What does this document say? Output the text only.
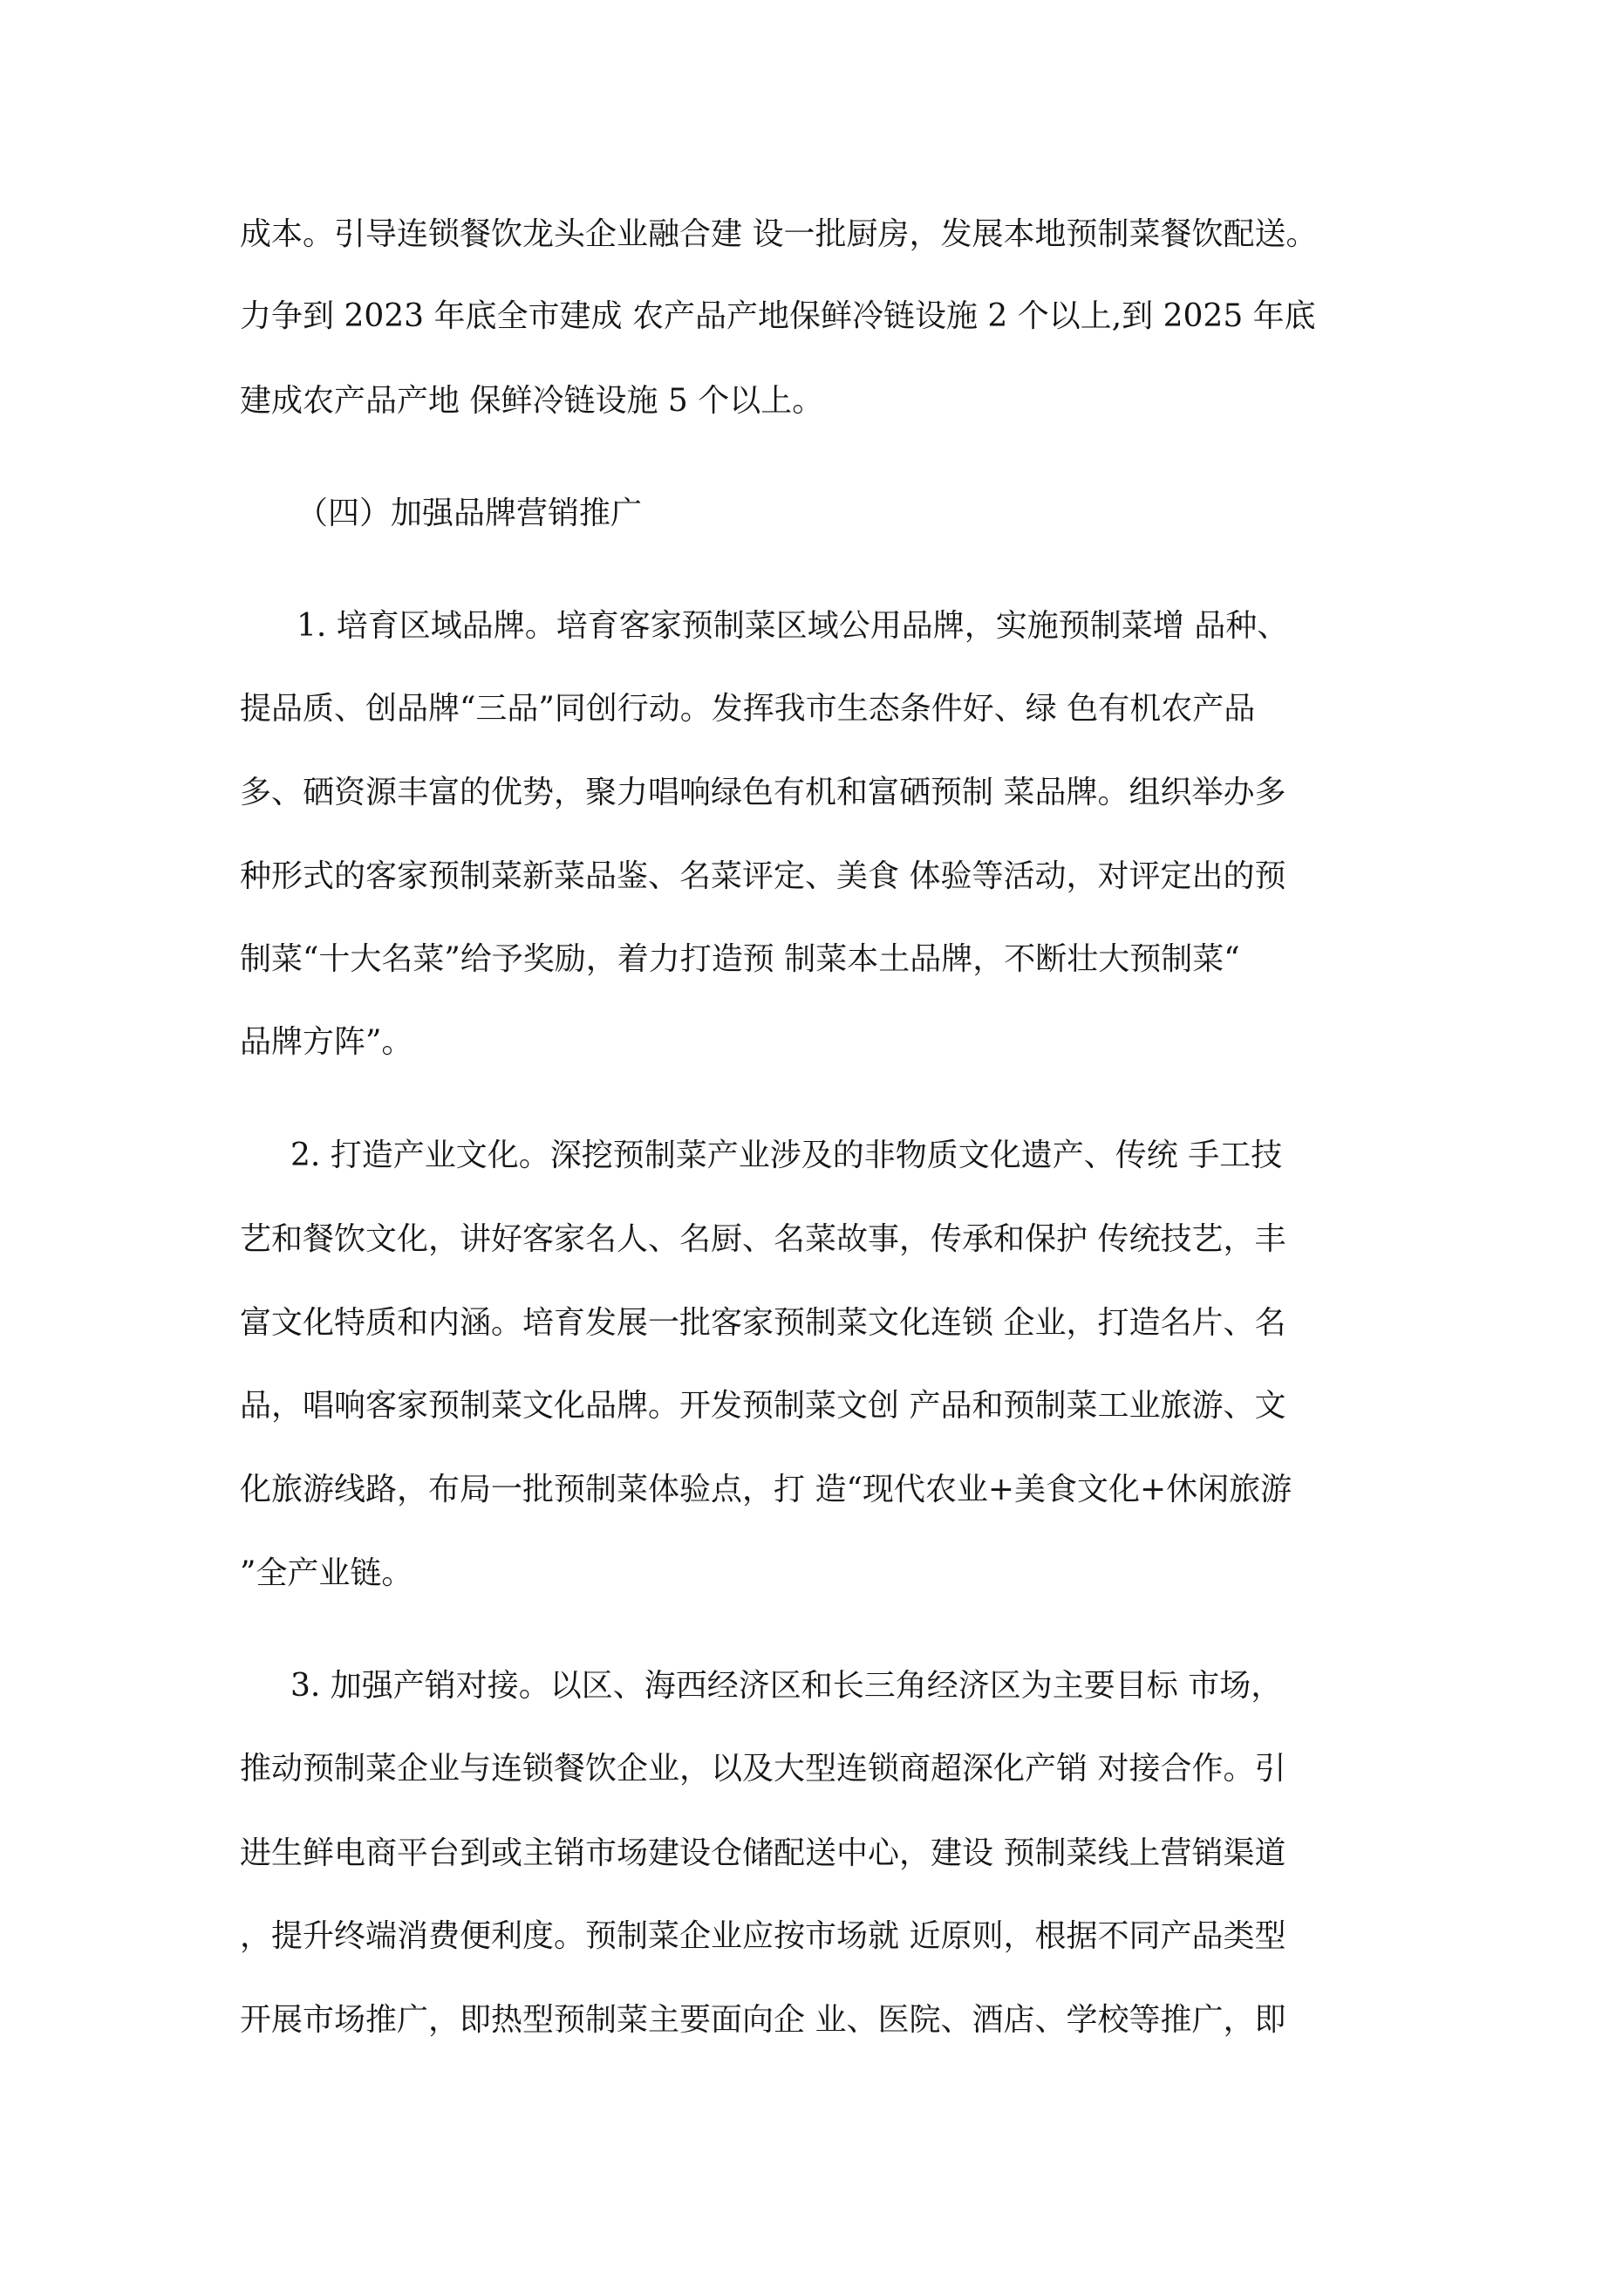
成本。引导连锁餐饮龙头企业融合建 设一批厨房，发展本地预制菜餐饮配送。

力争到 2023 年底全市建成 农产品产地保鲜冷链设施 2 个以上,到 2025 年底

建成农产品产地 保鲜冷链设施 5 个以上。

（四）加强品牌营销推广

1. 培育区域品牌。培育客家预制菜区域公用品牌，实施预制菜增 品种、

提品质、创品牌“三品”同创行动。发挥我市生态条件好、绿 色有机农产品

多、硒资源丰富的优势，聚力唱响绿色有机和富硒预制 菜品牌。组织举办多

种形式的客家预制菜新菜品鉴、名菜评定、美食 体验等活动，对评定出的预

制菜“十大名菜”给予奖励，着力打造预 制菜本土品牌，不断壮大预制菜“

品牌方阵”。

2. 打造产业文化。深挖预制菜产业涉及的非物质文化遗产、传统 手工技

艺和餐饮文化，讲好客家名人、名厨、名菜故事，传承和保护 传统技艺，丰

富文化特质和内涵。培育发展一批客家预制菜文化连锁 企业，打造名片、名

品，唱响客家预制菜文化品牌。开发预制菜文创 产品和预制菜工业旅游、文

化旅游线路，布局一批预制菜体验点，打 造“现代农业+美食文化+休闲旅游

”全产业链。

3. 加强产销对接。以区、海西经济区和长三角经济区为主要目标 市场，

推动预制菜企业与连锁餐饮企业，以及大型连锁商超深化产销 对接合作。引

进生鲜电商平台到或主销市场建设仓储配送中心，建设 预制菜线上营销渠道

，提升终端消费便利度。预制菜企业应按市场就 近原则，根据不同产品类型

开展市场推广，即热型预制菜主要面向企 业、医院、酒店、学校等推广，即
